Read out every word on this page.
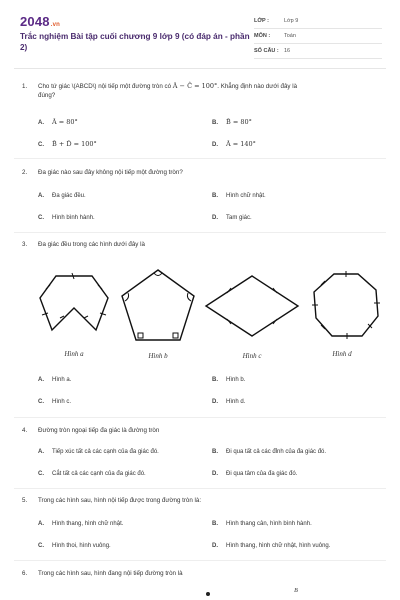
2048.vn
Trắc nghiệm Bài tập cuối chương 9 lớp 9 (có đáp án - phần 2)
LỚP :	Lớp 9
MÔN :	Toán
SỐ CÂU : 16
1.	Cho tứ giác \(ABCD\) nội tiếp một đường tròn có Â − Ĉ = 100°. Khẳng định nào dưới đây là
đúng?
A. Â = 80°	B. B̂ = 80°
C. B̂ + D̂ = 100°	D. Â = 140°
2.	Đa giác nào sau đây không nội tiếp một đường tròn?
A. Đa giác đều.	B. Hình chữ nhật.
C. Hình bình hành.	D. Tam giác.
3.	Đa giác đều trong các hình dưới đây là
Hình a	Hình b	Hình c	Hình d
A. Hình a.	B. Hình b.
C. Hình c.	D. Hình d.
4.	Đường tròn ngoại tiếp đa giác là đường tròn
A. Tiếp xúc tất cả các cạnh của đa giác đó.	B. Đi qua tất cả các đỉnh của đa giác đó.
C. Cắt tất cả các cạnh của đa giác đó.	D. Đi qua tâm của đa giác đó.
5.	Trong các hình sau, hình nội tiếp được trong đường tròn là:
A. Hình thang, hình chữ nhật.	B. Hình thang cân, hình bình hành.
C. Hình thoi, hình vuông.	D. Hình thang, hình chữ nhật, hình vuông.
6.	Trong các hình sau, hình đang nội tiếp đường tròn là
B
